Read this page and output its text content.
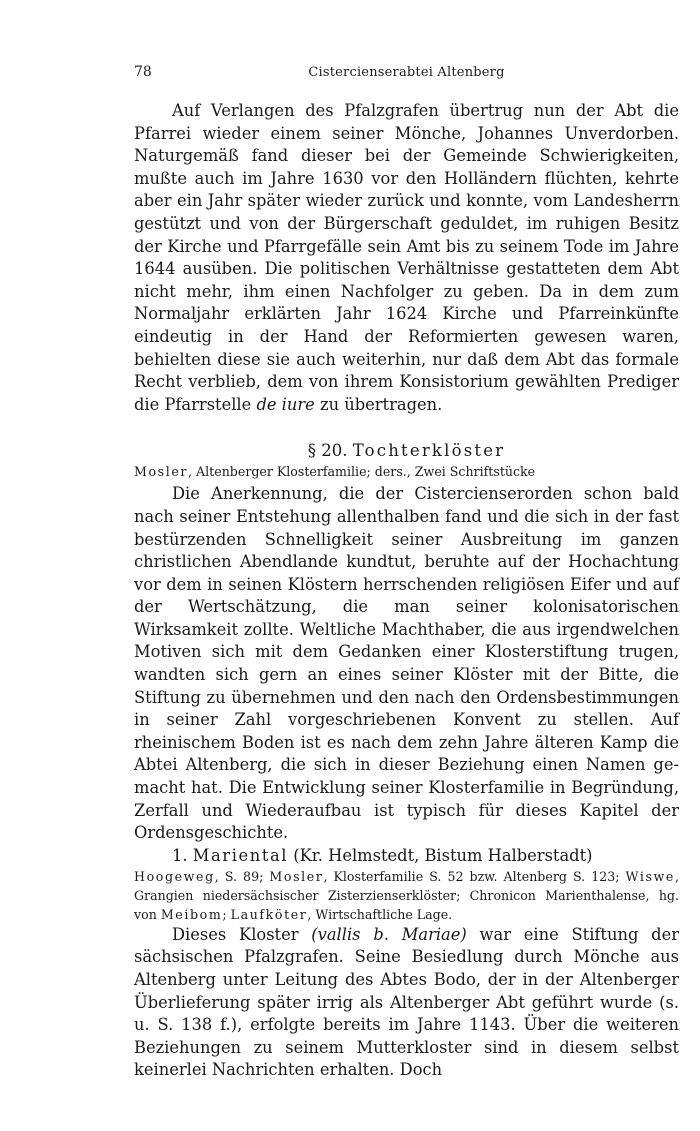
78	Cistercienserabtei Altenberg

Auf Verlangen des Pfalzgrafen übertrug nun der Abt die Pfarrei wieder einem seiner Mönche, Johannes Unverdorben. Naturgemäß fand dieser bei der Gemeinde Schwierigkeiten, mußte auch im Jahre 1630 vor den Holländern flüchten, kehrte aber ein Jahr später wieder zurück und konnte, vom Landesherrn gestützt und von der Bürgerschaft geduldet, im ruhigen Besitz der Kirche und Pfarrgefälle sein Amt bis zu seinem Tode im Jahre 1644 ausüben. Die politischen Verhältnisse gestatteten dem Abt nicht mehr, ihm einen Nachfolger zu geben. Da in dem zum Normaljahr erklärten Jahr 1624 Kirche und Pfarreinkünfte eindeutig in der Hand der Reformierten gewesen waren, behielten diese sie auch weiterhin, nur daß dem Abt das formale Recht verblieb, dem von ihrem Konsistorium gewählten Prediger die Pfarrstelle de iure zu übertragen.

§ 20. Tochterklöster
Mosler, Altenberger Klosterfamilie; ders., Zwei Schriftstücke

Die Anerkennung, die der Cistercienserorden schon bald nach seiner Entstehung allenthalben fand und die sich in der fast bestürzenden Schnelligkeit seiner Ausbreitung im ganzen christlichen Abendlande kundtut, beruhte auf der Hochachtung vor dem in seinen Klöstern herrschenden religiösen Eifer und auf der Wertschätzung, die man seiner kolonisatorischen Wirksamkeit zollte. Weltliche Machthaber, die aus irgendwelchen Motiven sich mit dem Gedanken einer Klosterstiftung trugen, wandten sich gern an eines seiner Klöster mit der Bitte, die Stiftung zu übernehmen und den nach den Ordensbestimmungen in seiner Zahl vorgeschriebenen Konvent zu stellen. Auf rheinischem Boden ist es nach dem zehn Jahre älteren Kamp die Abtei Altenberg, die sich in dieser Beziehung einen Namen gemacht hat. Die Entwicklung seiner Klosterfamilie in Begründung, Zerfall und Wiederaufbau ist typisch für dieses Kapitel der Ordensgeschichte.

1. Mariental (Kr. Helmstedt, Bistum Halberstadt)
Hoogeweg, S. 89; Mosler, Klosterfamilie S. 52 bzw. Altenberg S. 123; Wiswe, Grangien niedersächsischer Zisterzienserklöster; Chronicon Marienthalense, hg. von Meibom; Laufköter, Wirtschaftliche Lage.

Dieses Kloster (vallis b. Mariae) war eine Stiftung der sächsischen Pfalzgrafen. Seine Besiedlung durch Mönche aus Altenberg unter Leitung des Abtes Bodo, der in der Altenberger Überlieferung später irrig als Altenberger Abt geführt wurde (s. u. S. 138 f.), erfolgte bereits im Jahre 1143. Über die weiteren Beziehungen zu seinem Mutterkloster sind in diesem selbst keinerlei Nachrichten erhalten. Doch
